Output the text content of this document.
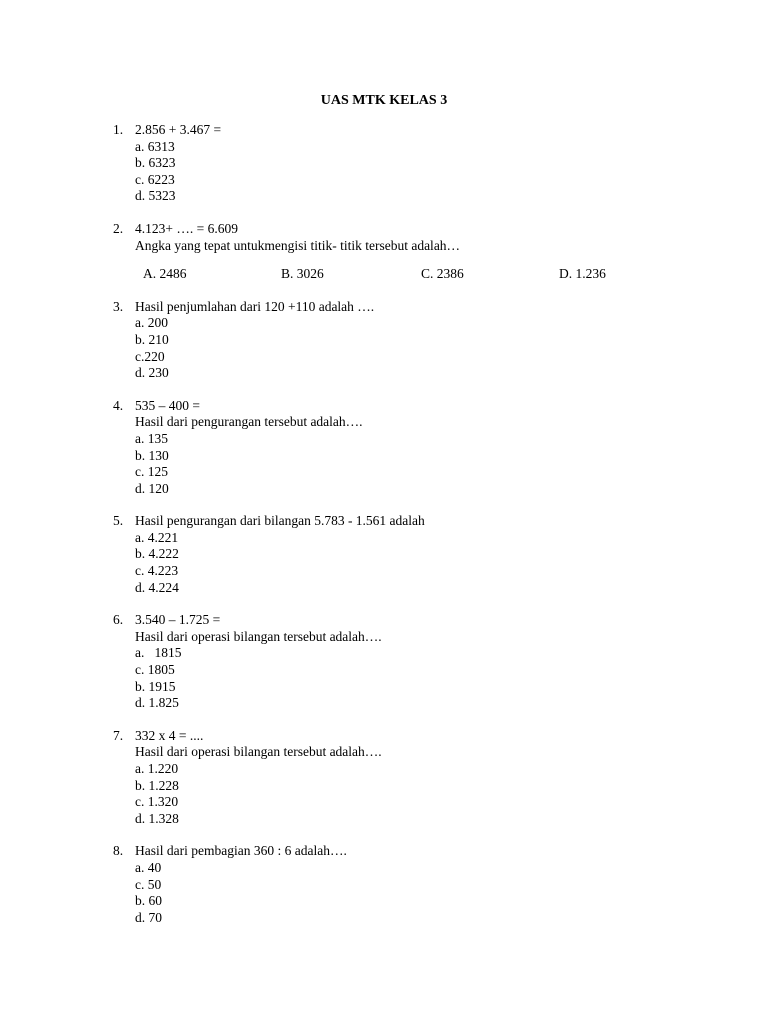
UAS MTK KELAS 3
1. 2.856 + 3.467 =
a. 6313
b. 6323
c. 6223
d. 5323
2. 4.123+ …. = 6.609
Angka yang tepat untukmengisi titik- titik tersebut adalah…
A. 2486	B. 3026	C. 2386	D. 1.236
3. Hasil penjumlahan dari 120 +110 adalah ….
a. 200
b. 210
c.220
d. 230
4. 535 – 400 =
Hasil dari pengurangan tersebut adalah….
a. 135
b. 130
c. 125
d. 120
5. Hasil pengurangan dari bilangan 5.783 - 1.561 adalah
a. 4.221
b. 4.222
c. 4.223
d. 4.224
6. 3.540 – 1.725 =
Hasil dari operasi bilangan tersebut adalah….
a.   1815
c. 1805
b. 1915
d. 1.825
7. 332 x 4 = ....
Hasil dari operasi bilangan tersebut adalah….
a. 1.220
b. 1.228
c. 1.320
d. 1.328
8. Hasil dari pembagian 360 : 6 adalah….
a. 40
c. 50
b. 60
d. 70
